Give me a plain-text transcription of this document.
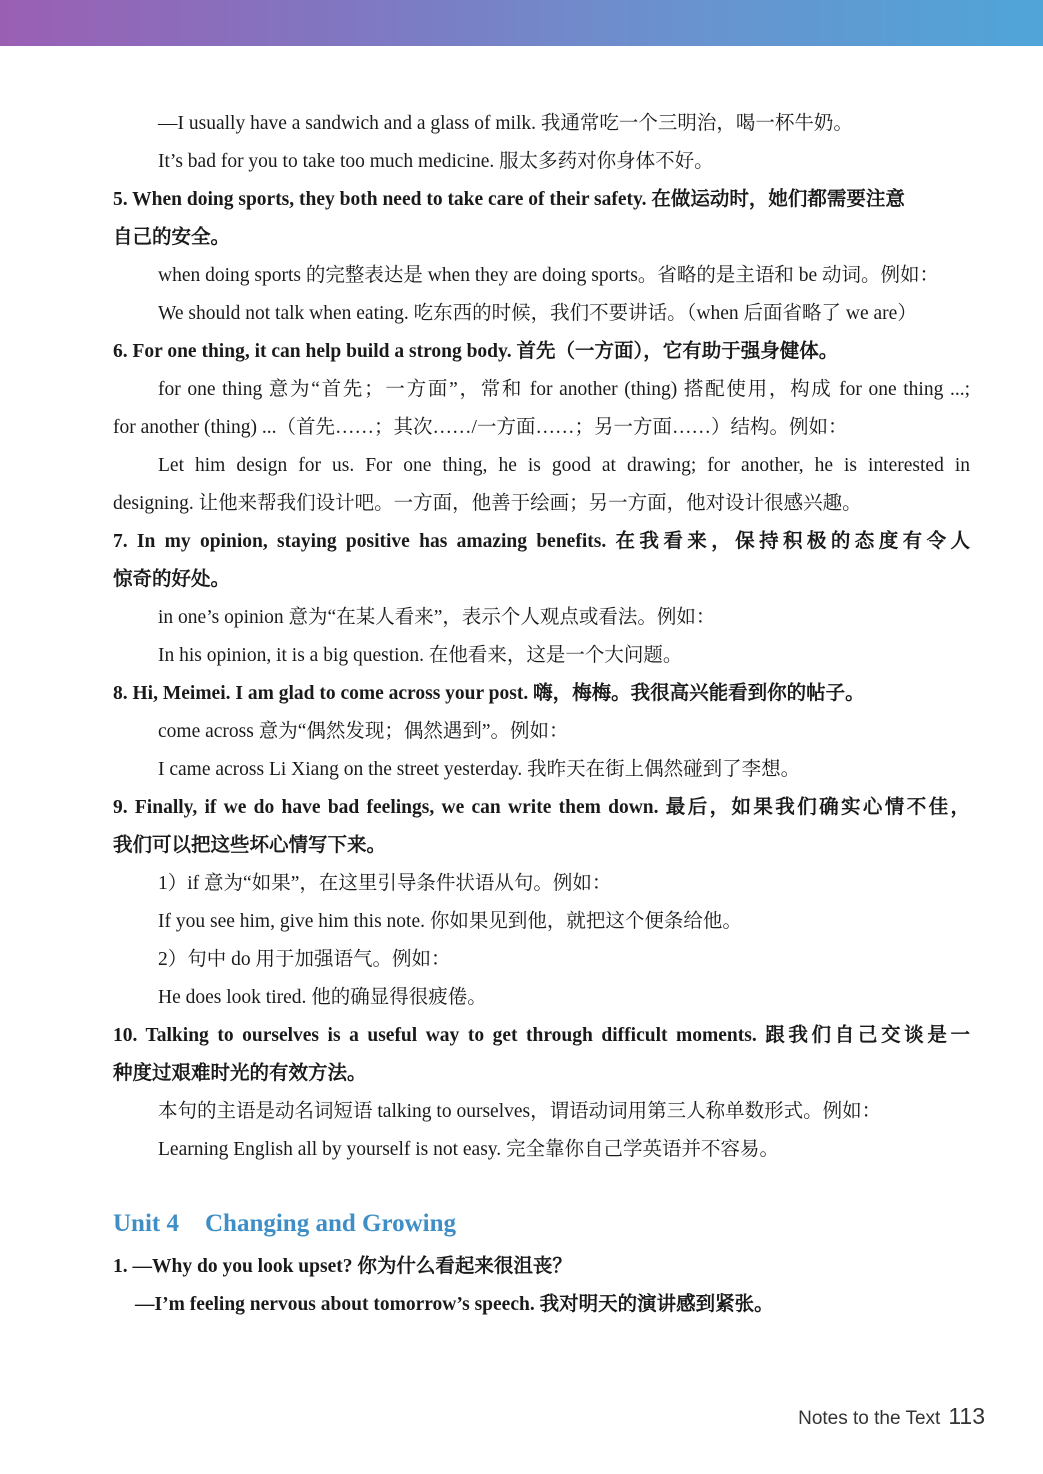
—I usually have a sandwich and a glass of milk. 我通常吃一个三明治，喝一杯牛奶。
It’s bad for you to take too much medicine. 服太多药对你身体不好。
5. When doing sports, they both need to take care of their safety. 在做运动时，她们都需要注意
自己的安全。
when doing sports 的完整表达是 when they are doing sports。省略的是主语和 be 动词。例如：
We should not talk when eating. 吃东西的时候，我们不要讲话。（when 后面省略了 we are）
6. For one thing, it can help build a strong body. 首先（一方面），它有助于强身健体。
for one thing 意为“首先；一方面”，常和 for another (thing) 搭配使用，构成 for one thing ...;
for another (thing) ...（首先……；其次……/一方面……；另一方面……）结构。例如：
Let him design for us. For one thing, he is good at drawing; for another, he is interested in
designing. 让他来帮我们设计吧。一方面，他善于绘画；另一方面，他对设计很感兴趣。
7. In my opinion, staying positive has amazing benefits. 在我看来，保持积极的态度有令人
惊奇的好处。
in one’s opinion 意为“在某人看来”，表示个人观点或看法。例如：
In his opinion, it is a big question. 在他看来，这是一个大问题。
8. Hi, Meimei. I am glad to come across your post. 嗨，梅梅。我很高兴能看到你的帖子。
come across 意为“偶然发现；偶然遇到”。例如：
I came across Li Xiang on the street yesterday. 我昨天在街上偶然碰到了李想。
9. Finally, if we do have bad feelings, we can write them down. 最后，如果我们确实心情不佳，
我们可以把这些坏心情写下来。
1）if 意为“如果”，在这里引导条件状语从句。例如：
If you see him, give him this note. 你如果见到他，就把这个便条给他。
2）句中 do 用于加强语气。例如：
He does look tired. 他的确显得很疲倦。
10. Talking to ourselves is a useful way to get through difficult moments. 跟我们自己交谈是一
种度过艰难时光的有效方法。
本句的主语是动名词短语 talking to ourselves，谓语动词用第三人称单数形式。例如：
Learning English all by yourself is not easy. 完全靠你自己学英语并不容易。
Unit 4 Changing and Growing
1. —Why do you look upset? 你为什么看起来很沮丧？
—I’m feeling nervous about tomorrow’s speech. 我对明天的演讲感到紧张。
Notes to the Text 113
